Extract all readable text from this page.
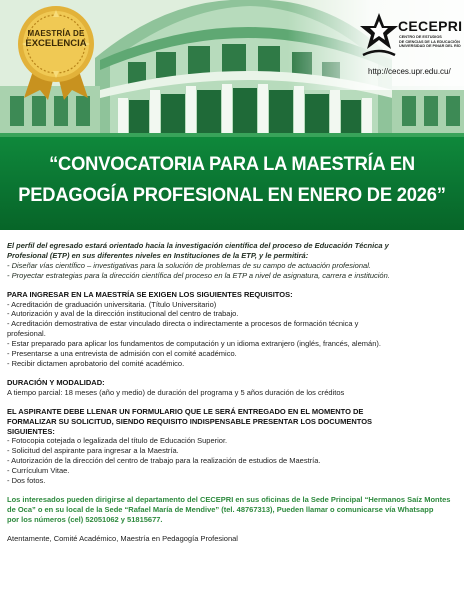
MAESTRÍA DE
EXCELENCIA
CECEPRI
CENTRO DE ESTUDIOS
DE CIENCIAS DE LA EDUCACIÓN
UNIVERSIDAD DE PINAR DEL RÍO
http://ceces.upr.edu.cu/
“CONVOCATORIA PARA LA MAESTRÍA EN
PEDAGOGÍA PROFESIONAL EN ENERO DE 2026”
El perfil del egresado estará orientado hacia la investigación científica del proceso de Educación Técnica y
Profesional (ETP) en sus diferentes niveles en Instituciones de la ETP, y le permitirá:
- Diseñar vías científico – investigativas para la solución de problemas de su campo de actuación profesional.
- Proyectar estrategias para la dirección científica del proceso en la ETP a nivel de asignatura, carrera e institución.
PARA INGRESAR EN LA MAESTRÍA SE EXIGEN LOS SIGUIENTES REQUISITOS:
- Acreditación de graduación universitaria. (Título Universitario)
- Autorización y aval de la dirección institucional del centro de trabajo.
- Acreditación demostrativa de estar vinculado directa o indirectamente a procesos de formación técnica y
profesional.
- Estar preparado para aplicar los fundamentos de computación y un idioma extranjero (inglés, francés, alemán).
- Presentarse a una entrevista de admisión con el comité académico.
- Recibir dictamen aprobatorio del comité académico.
DURACIÓN Y MODALIDAD:
A tiempo parcial: 18 meses (año y medio) de duración del programa y 5 años duración de los créditos
EL ASPIRANTE DEBE LLENAR UN FORMULARIO QUE LE SERÁ ENTREGADO EN EL MOMENTO DE
FORMALIZAR SU SOLICITUD, SIENDO REQUISITO INDISPENSABLE PRESENTAR LOS DOCUMENTOS
SIGUIENTES:
- Fotocopia cotejada o legalizada del título de Educación Superior.
- Solicitud del aspirante para ingresar a la Maestría.
- Autorización de la dirección del centro de trabajo para la realización de estudios de Maestría.
- Currículum Vitae.
- Dos fotos.
Los interesados pueden dirigirse al departamento del CECEPRI en sus oficinas de la Sede Principal “Hermanos Saíz Montes
de Oca” o en su local de la Sede “Rafael María de Mendive” (tel. 48767313), Pueden llamar o comunicarse vía Whatsapp
por los números (cel) 52051062 y 51815677.
Atentamente, Comité Académico, Maestría en Pedagogía Profesional
